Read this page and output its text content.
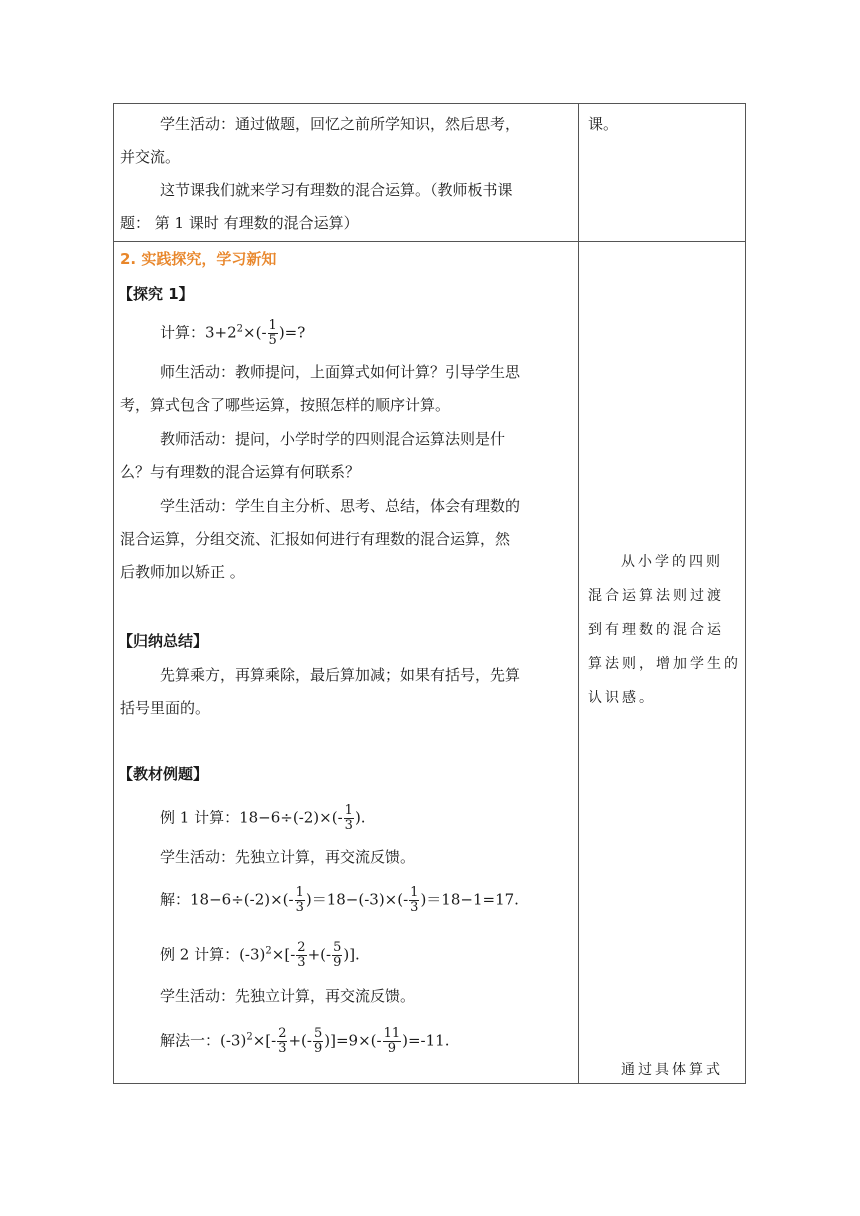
学生活动：通过做题，回忆之前所学知识，然后思考，
并交流。
这节课我们就来学习有理数的混合运算。（教师板书课
题： 第 1 课时 有理数的混合运算）
课。
2. 实践探究，学习新知
【探究 1】
计算：$3+2^2\times(- \frac{1}{5}$ )=?
师生活动：教师提问，上面算式如何计算？引导学生思
考，算式包含了哪些运算，按照怎样的顺序计算。
教师活动：提问，小学时学的四则混合运算法则是什
么？与有理数的混合运算有何联系？
学生活动：学生自主分析、思考、总结，体会有理数的
混合运算，分组交流、汇报如何进行有理数的混合运算，然
后教师加以矫正 。
【归纳总结】
先算乘方，再算乘除，最后算加减；如果有括号，先算
括号里面的。
【教材例题】
例 1 计算：$18-6\div(-2)\times(- \frac{1}{3}$ ).
学生活动：先独立计算，再交流反馈。
解：$18-6\div(-2)\times(- \frac{1}{3} )=18-(-3)\times(- \frac{1}{3} )=18-1=17$.
例 2 计算：$(-3)^2\times[- \frac{2}{3}$ +(- $\frac{5}{9}$ )].
学生活动：先独立计算，再交流反馈。
解法一：$(-3)^2\times[- \frac{2}{3}$ +(- $\frac{5}{9} )]=9\times(- \frac{11}{9} )=-11$.
从小学的四则
混合运算法则过渡
到有理数的混合运
算法则，增加学生的
认识感。
通过具体算式
